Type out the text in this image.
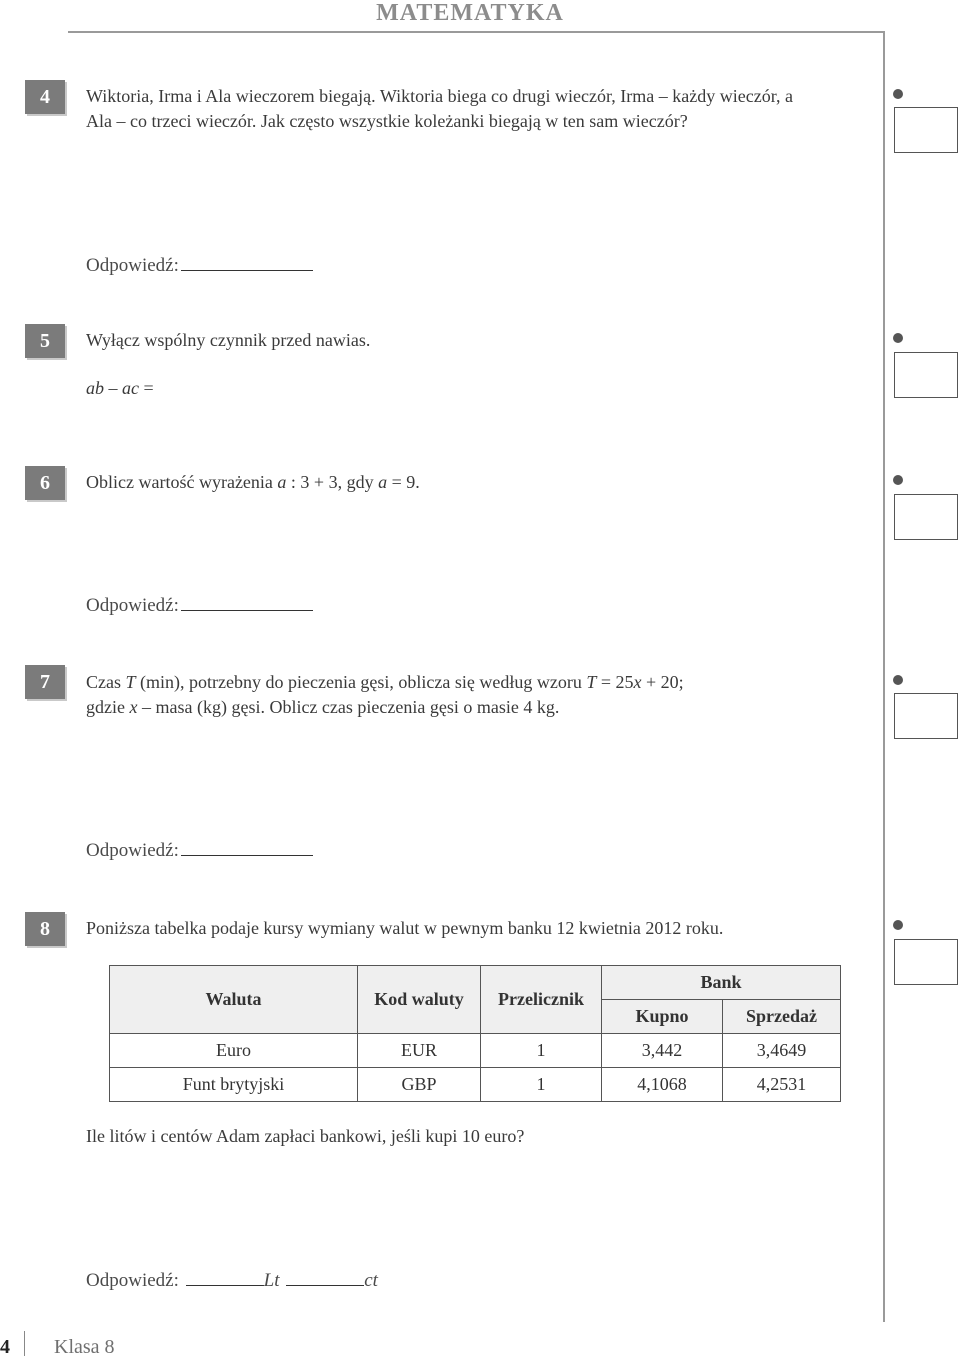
MATEMATYKA
4	Wiktoria, Irma i Ala wieczorem biegają. Wiktoria biega co drugi wieczór, Irma – każdy wieczór, a
Ala – co trzeci wieczór. Jak często wszystkie koleżanki biegają w ten sam wieczór?
Odpowiedź:
5	Wyłącz wspólny czynnik przed nawias.
ab – ac =
6	Oblicz wartość wyrażenia a : 3 + 3, gdy a = 9.
Odpowiedź:
7	Czas T (min), potrzebny do pieczenia gęsi, oblicza się według wzoru T = 25x + 20;
gdzie x – masa (kg) gęsi. Oblicz czas pieczenia gęsi o masie 4 kg.
Odpowiedź:
8	Poniższa tabelka podaje kursy wymiany walut w pewnym banku 12 kwietnia 2012 roku.
Waluta	Kod waluty	Przelicznik	Bank	
			Kupno	Sprzedaż
Euro	EUR	1	3,442	3,4649
Funt brytyjski	GBP	1	4,1068	4,2531
Ile litów i centów Adam zapłaci bankowi, jeśli kupi 10 euro?
Odpowiedź:	Lt	ct
4 Klasa 8
